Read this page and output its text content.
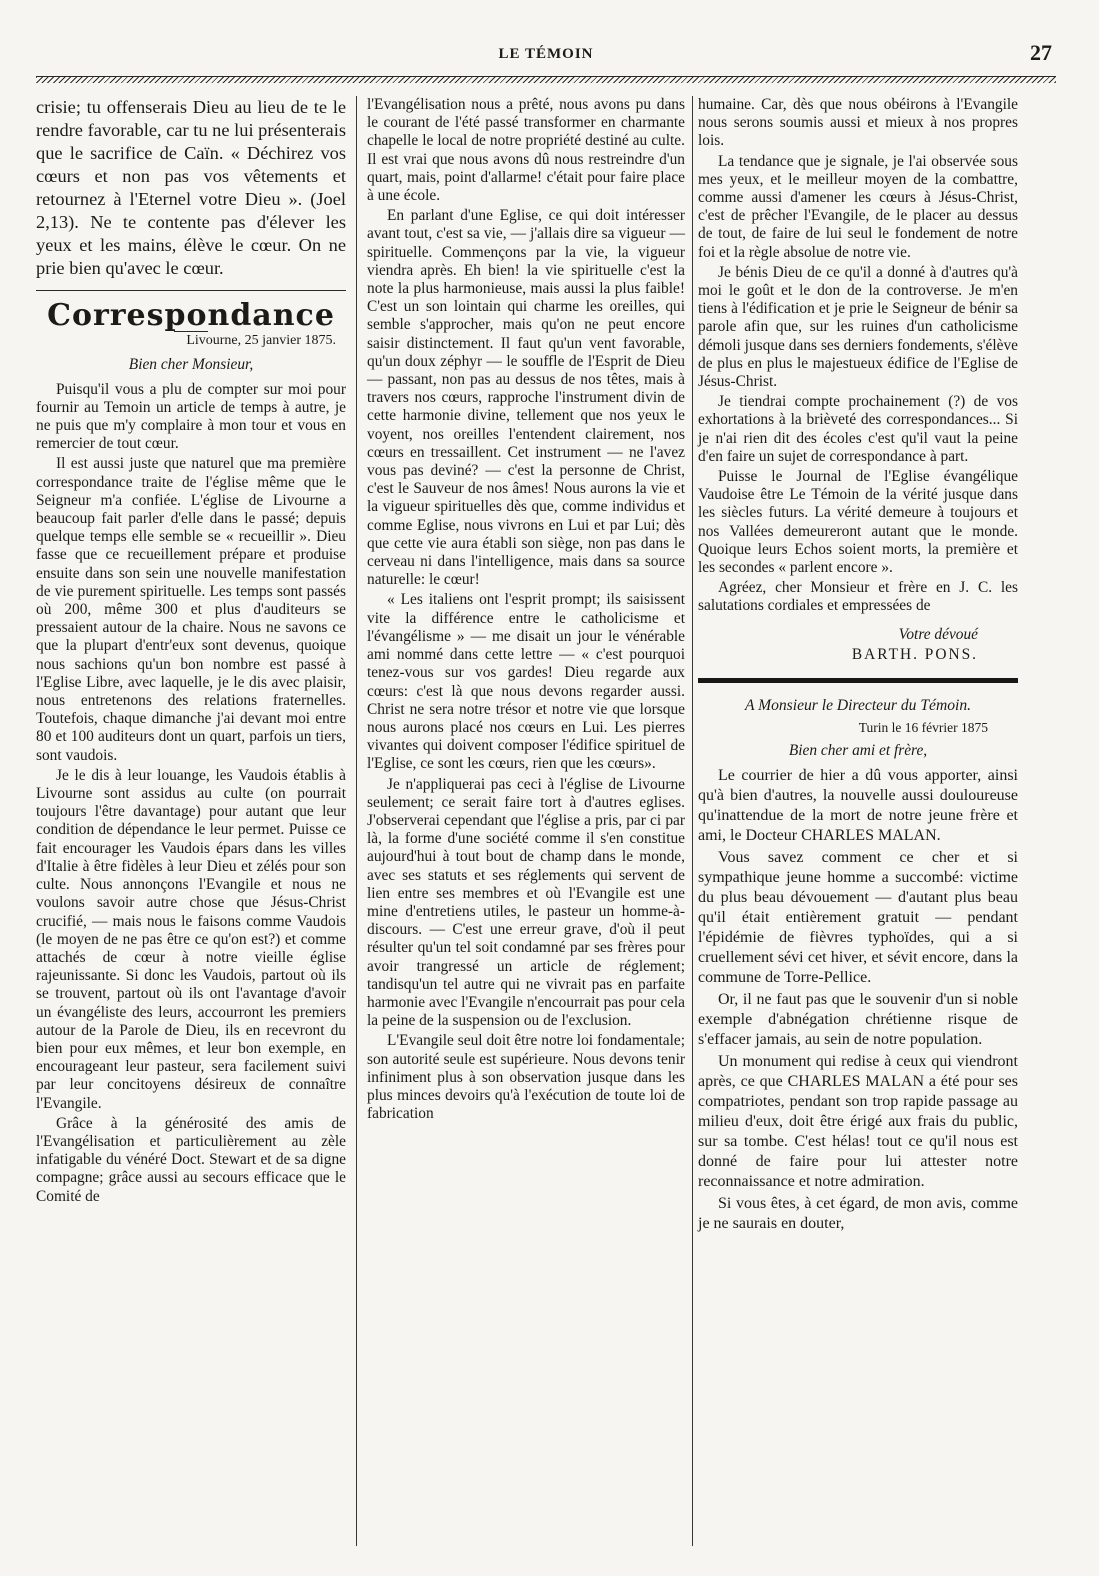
LE TÉMOIN	27

crisie; tu offenserais Dieu au lieu de te le rendre favorable, car tu ne lui présenterais que le sacrifice de Caïn. « Déchirez vos cœurs et non pas vos vêtements et retournez à l'Eternel votre Dieu ». (Joel 2,13). Ne te contente pas d'élever les yeux et les mains, élève le cœur. On ne prie bien qu'avec le cœur.

Correspondance
Livourne, 25 janvier 1875.
Bien cher Monsieur,

Puisqu'il vous a plu de compter sur moi pour fournir au Temoin un article de temps à autre, je ne puis que m'y complaire à mon tour et vous en remercier de tout cœur.

Il est aussi juste que naturel que ma première correspondance traite de l'église même que le Seigneur m'a confiée. L'église de Livourne a beaucoup fait parler d'elle dans le passé; depuis quelque temps elle semble se « recueillir ». Dieu fasse que ce recueillement prépare et produise ensuite dans son sein une nouvelle manifestation de vie purement spirituelle. Les temps sont passés où 200, même 300 et plus d'auditeurs se pressaient autour de la chaire. Nous ne savons ce que la plupart d'entr'eux sont devenus, quoique nous sachions qu'un bon nombre est passé à l'Eglise Libre, avec laquelle, je le dis avec plaisir, nous entretenons des relations fraternelles. Toutefois, chaque dimanche j'ai devant moi entre 80 et 100 auditeurs dont un quart, parfois un tiers, sont vaudois.

Je le dis à leur louange, les Vaudois établis à Livourne sont assidus au culte (on pourrait toujours l'être davantage) pour autant que leur condition de dépendance le leur permet. Puisse ce fait encourager les Vaudois épars dans les villes d'Italie à être fidèles à leur Dieu et zélés pour son culte. Nous annonçons l'Evangile et nous ne voulons savoir autre chose que Jésus-Christ crucifié, — mais nous le faisons comme Vaudois (le moyen de ne pas être ce qu'on est?) et comme attachés de cœur à notre vieille église rajeunissante. Si donc les Vaudois, partout où ils se trouvent, partout où ils ont l'avantage d'avoir un évangéliste des leurs, accourront les premiers autour de la Parole de Dieu, ils en recevront du bien pour eux mêmes, et leur bon exemple, en encourageant leur pasteur, sera facilement suivi par leur concitoyens désireux de connaître l'Evangile.

Grâce à la générosité des amis de l'Evangélisation et particulièrement au zèle infatigable du vénéré Doct. Stewart et de sa digne compagne; grâce aussi au secours efficace que le Comité de

l'Evangélisation nous a prêté, nous avons pu dans le courant de l'été passé transformer en charmante chapelle le local de notre propriété destiné au culte. Il est vrai que nous avons dû nous restreindre d'un quart, mais, point d'allarme! c'était pour faire place à une école.

En parlant d'une Eglise, ce qui doit intéresser avant tout, c'est sa vie, — j'allais dire sa vigueur — spirituelle. Commençons par la vie, la vigueur viendra après. Eh bien! la vie spirituelle c'est la note la plus harmonieuse, mais aussi la plus faible! C'est un son lointain qui charme les oreilles, qui semble s'approcher, mais qu'on ne peut encore saisir distinctement. Il faut qu'un vent favorable, qu'un doux zéphyr — le souffle de l'Esprit de Dieu — passant, non pas au dessus de nos têtes, mais à travers nos cœurs, rapproche l'instrument divin de cette harmonie divine, tellement que nos yeux le voyent, nos oreilles l'entendent clairement, nos cœurs en tressaillent. Cet instrument — ne l'avez vous pas deviné? — c'est la personne de Christ, c'est le Sauveur de nos âmes! Nous aurons la vie et la vigueur spirituelles dès que, comme individus et comme Eglise, nous vivrons en Lui et par Lui; dès que cette vie aura établi son siège, non pas dans le cerveau ni dans l'intelligence, mais dans sa source naturelle: le cœur!

« Les italiens ont l'esprit prompt; ils saisissent vite la différence entre le catholicisme et l'évangélisme » — me disait un jour le vénérable ami nommé dans cette lettre — « c'est pourquoi tenez-vous sur vos gardes! Dieu regarde aux cœurs: c'est là que nous devons regarder aussi. Christ ne sera notre trésor et notre vie que lorsque nous aurons placé nos cœurs en Lui. Les pierres vivantes qui doivent composer l'édifice spirituel de l'Eglise, ce sont les cœurs, rien que les cœurs».

Je n'appliquerai pas ceci à l'église de Livourne seulement; ce serait faire tort à d'autres eglises. J'observerai cependant que l'église a pris, par ci par là, la forme d'une société comme il s'en constitue aujourd'hui à tout bout de champ dans le monde, avec ses statuts et ses réglements qui servent de lien entre ses membres et où l'Evangile est une mine d'entretiens utiles, le pasteur un homme-à-discours. — C'est une erreur grave, d'où il peut résulter qu'un tel soit condamné par ses frères pour avoir trangressé un article de réglement; tandisqu'un tel autre qui ne vivrait pas en parfaite harmonie avec l'Evangile n'encourrait pas pour cela la peine de la suspension ou de l'exclusion.

L'Evangile seul doit être notre loi fondamentale; son autorité seule est supérieure. Nous devons tenir infiniment plus à son observation jusque dans les plus minces devoirs qu'à l'exécution de toute loi de fabrication

humaine. Car, dès que nous obéirons à l'Evangile nous serons soumis aussi et mieux à nos propres lois.

La tendance que je signale, je l'ai observée sous mes yeux, et le meilleur moyen de la combattre, comme aussi d'amener les cœurs à Jésus-Christ, c'est de prêcher l'Evangile, de le placer au dessus de tout, de faire de lui seul le fondement de notre foi et la règle absolue de notre vie.

Je bénis Dieu de ce qu'il a donné à d'autres qu'à moi le goût et le don de la controverse. Je m'en tiens à l'édification et je prie le Seigneur de bénir sa parole afin que, sur les ruines d'un catholicisme démoli jusque dans ses derniers fondements, s'élève de plus en plus le majestueux édifice de l'Eglise de Jésus-Christ.

Je tiendrai compte prochainement (?) de vos exhortations à la brièveté des correspondances... Si je n'ai rien dit des écoles c'est qu'il vaut la peine d'en faire un sujet de correspondance à part.

Puisse le Journal de l'Eglise évangélique Vaudoise être Le Témoin de la vérité jusque dans les siècles futurs. La vérité demeure à toujours et nos Vallées demeureront autant que le monde. Quoique leurs Echos soient morts, la première et les secondes « parlent encore ».

Agréez, cher Monsieur et frère en J. C. les salutations cordiales et empressées de

Votre dévoué
BARTH. PONS.
A Monsieur le Directeur du Témoin.
Turin le 16 février 1875
Bien cher ami et frère,

Le courrier de hier a dû vous apporter, ainsi qu'à bien d'autres, la nouvelle aussi douloureuse qu'inattendue de la mort de notre jeune frère et ami, le Docteur CHARLES MALAN.

Vous savez comment ce cher et si sympathique jeune homme a succombé: victime du plus beau dévouement — d'autant plus beau qu'il était entièrement gratuit — pendant l'épidémie de fièvres typhoïdes, qui a si cruellement sévi cet hiver, et sévit encore, dans la commune de Torre-Pellice.

Or, il ne faut pas que le souvenir d'un si noble exemple d'abnégation chrétienne risque de s'effacer jamais, au sein de notre population.

Un monument qui redise à ceux qui viendront après, ce que CHARLES MALAN a été pour ses compatriotes, pendant son trop rapide passage au milieu d'eux, doit être érigé aux frais du public, sur sa tombe. C'est hélas! tout ce qu'il nous est donné de faire pour lui attester notre reconnaissance et notre admiration.

Si vous êtes, à cet égard, de mon avis, comme je ne saurais en douter,
